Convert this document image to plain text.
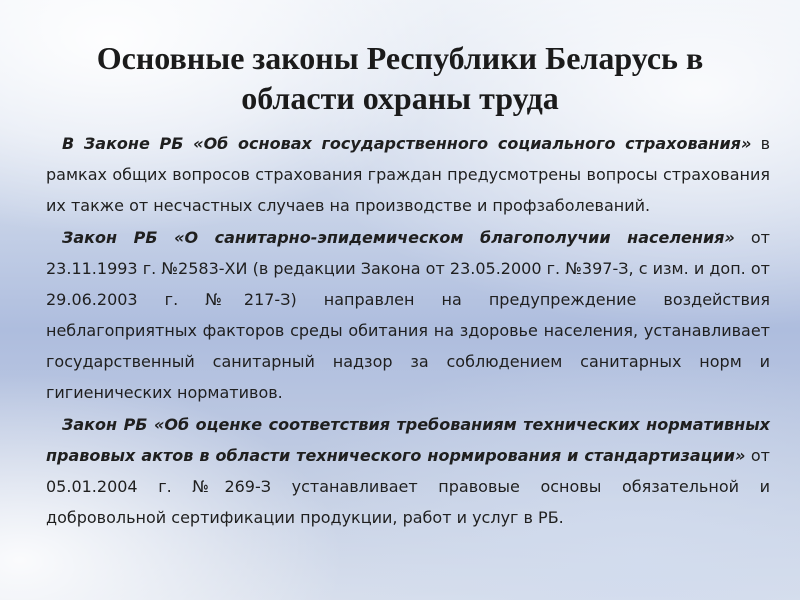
Основные законы Республики Беларусь в области охраны труда

В Законе РБ «Об основах государственного социального страхования» в рамках общих вопросов страхования граждан предусмотрены вопросы страхования их также от несчастных случаев на производстве и профзаболеваний.

Закон РБ «О санитарно-эпидемическом благополучии населения» от 23.11.1993 г. №2583-XИ (в редакции Закона от 23.05.2000 г. №397-З, с изм. и доп. от 29.06.2003 г. №217-З) направлен на предупреждение воздействия неблагоприятных факторов среды обитания на здоровье населения, устанавливает государственный санитарный надзор за соблюдением санитарных норм и гигиенических нормативов.

Закон РБ «Об оценке соответствия требованиям технических нормативных правовых актов в области технического нормирования и стандартизации» от 05.01.2004 г. №269-З устанавливает правовые основы обязательной и добровольной сертификации продукции, работ и услуг в РБ.
